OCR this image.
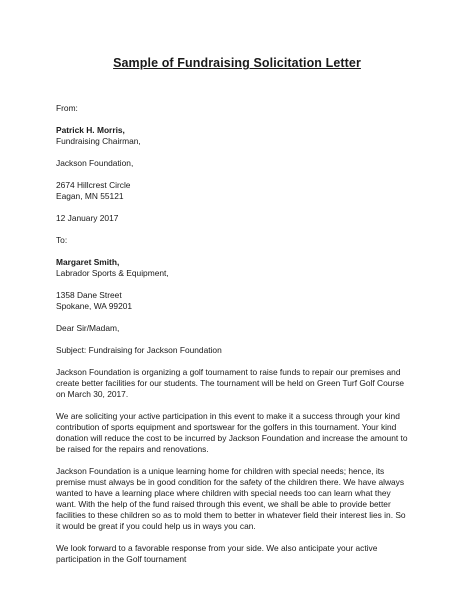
Sample of Fundraising Solicitation Letter

From:

Patrick H. Morris,
Fundraising Chairman,

Jackson Foundation,

2674 Hillcrest Circle
Eagan, MN 55121

12 January 2017

To:

Margaret Smith,
Labrador Sports & Equipment,

1358 Dane Street
Spokane, WA 99201

Dear Sir/Madam,

Subject: Fundraising for Jackson Foundation

Jackson Foundation is organizing a golf tournament to raise funds to repair our premises and
create better facilities for our students. The tournament will be held on Green Turf Golf Course
on March 30, 2017.

We are soliciting your active participation in this event to make it a success through your kind
contribution of sports equipment and sportswear for the golfers in this tournament. Your kind
donation will reduce the cost to be incurred by Jackson Foundation and increase the amount to
be raised for the repairs and renovations.

Jackson Foundation is a unique learning home for children with special needs; hence, its
premise must always be in good condition for the safety of the children there. We have always
wanted to have a learning place where children with special needs too can learn what they
want. With the help of the fund raised through this event, we shall be able to provide better
facilities to these children so as to mold them to better in whatever field their interest lies in. So
it would be great if you could help us in ways you can.

We look forward to a favorable response from your side. We also anticipate your active
participation in the Golf tournament
